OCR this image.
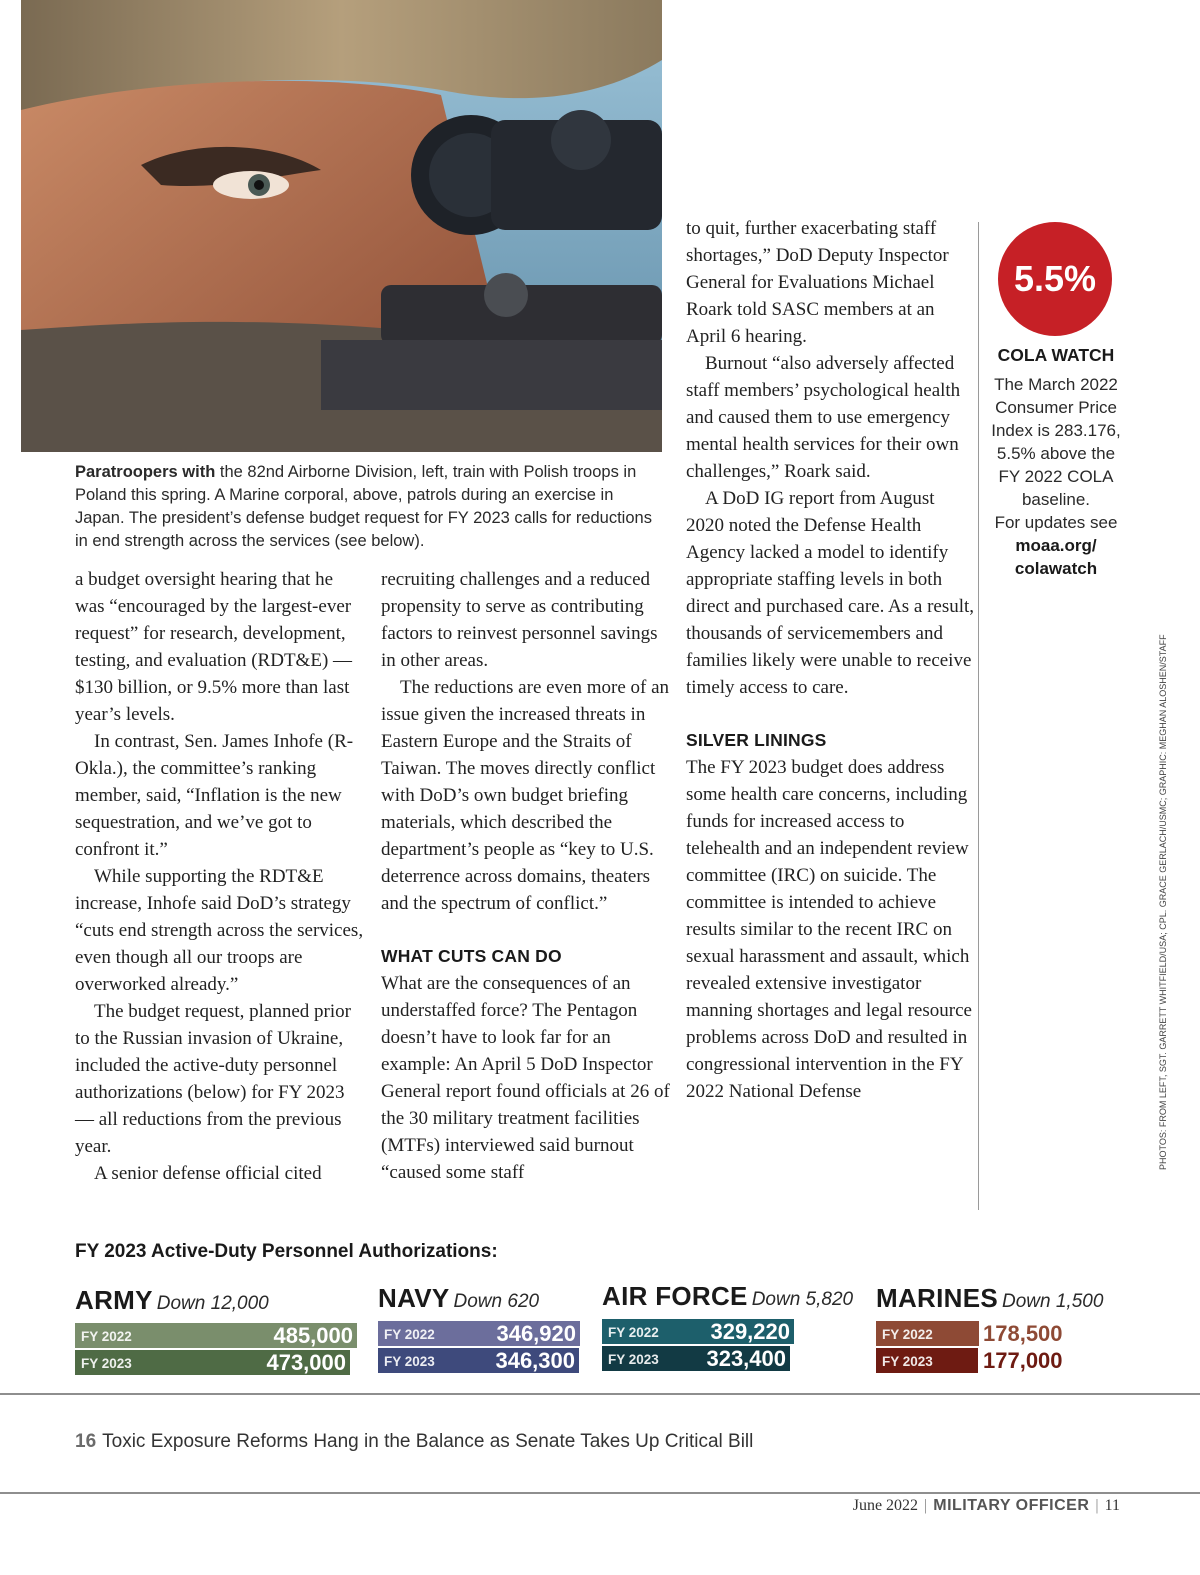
Paratroopers with the 82nd Airborne Division, left, train with Polish troops in Poland this spring. A Marine corporal, above, patrols during an exercise in Japan. The president’s defense budget request for FY 2023 calls for reductions in end strength across the services (see below).

a budget oversight hearing that he was “encouraged by the largest-ever request” for research, development, testing, and evaluation (RDT&E) — $130 billion, or 9.5% more than last year’s levels.

In contrast, Sen. James Inhofe (R-Okla.), the committee’s ranking member, said, “Inflation is the new sequestration, and we’ve got to confront it.”

While supporting the RDT&E increase, Inhofe said DoD’s strategy “cuts end strength across the services, even though all our troops are overworked already.”

The budget request, planned prior to the Russian invasion of Ukraine, included the active-duty personnel authorizations (below) for FY 2023 — all reductions from the previous year.

A senior defense official cited

recruiting challenges and a reduced propensity to serve as contributing factors to reinvest personnel savings in other areas.

The reductions are even more of an issue given the increased threats in Eastern Europe and the Straits of Taiwan. The moves directly conflict with DoD’s own budget briefing materials, which described the department’s people as “key to U.S. deterrence across domains, theaters and the spectrum of conflict.”

WHAT CUTS CAN DO

What are the consequences of an understaffed force? The Pentagon doesn’t have to look far for an example: An April 5 DoD Inspector General report found officials at 26 of the 30 military treatment facilities (MTFs) interviewed said burnout “caused some staff

to quit, further exacerbating staff shortages,” DoD Deputy Inspector General for Evaluations Michael Roark told SASC members at an April 6 hearing.

Burnout “also adversely affected staff members’ psychological health and caused them to use emergency mental health services for their own challenges,” Roark said.

A DoD IG report from August 2020 noted the Defense Health Agency lacked a model to identify appropriate staffing levels in both direct and purchased care. As a result, thousands of servicemembers and families likely were unable to receive timely access to care.

SILVER LININGS

The FY 2023 budget does address some health care concerns, including funds for increased access to telehealth and an independent review committee (IRC) on suicide. The committee is intended to achieve results similar to the recent IRC on sexual harassment and assault, which revealed extensive investigator manning shortages and legal resource problems across DoD and resulted in congressional intervention in the FY 2022 National Defense

5.5%
COLA WATCH
The March 2022 Consumer Price Index is 283.176, 5.5% above the FY 2022 COLA baseline.
For updates see
moaa.org/ colawatch
PHOTOS: FROM LEFT, SGT. GARRETT WHITFIELD/USA; CPL. GRACE GERLACH/USMC; GRAPHIC: MEGHAN ALOSHEN/STAFF
FY 2023 Active-Duty Personnel Authorizations:
ARMY Down 12,000
FY 2022	485,000
FY 2023	473,000
NAVY Down 620
FY 2022	346,920
FY 2023	346,300
AIR FORCE Down 5,820
FY 2022 329,220
FY 2023 323,400
MARINES Down 1,500
FY 2022 178,500
FY 2023 177,000
16 Toxic Exposure Reforms Hang in the Balance as Senate Takes Up Critical Bill
June 2022 | MILITARY OFFICER | 11
